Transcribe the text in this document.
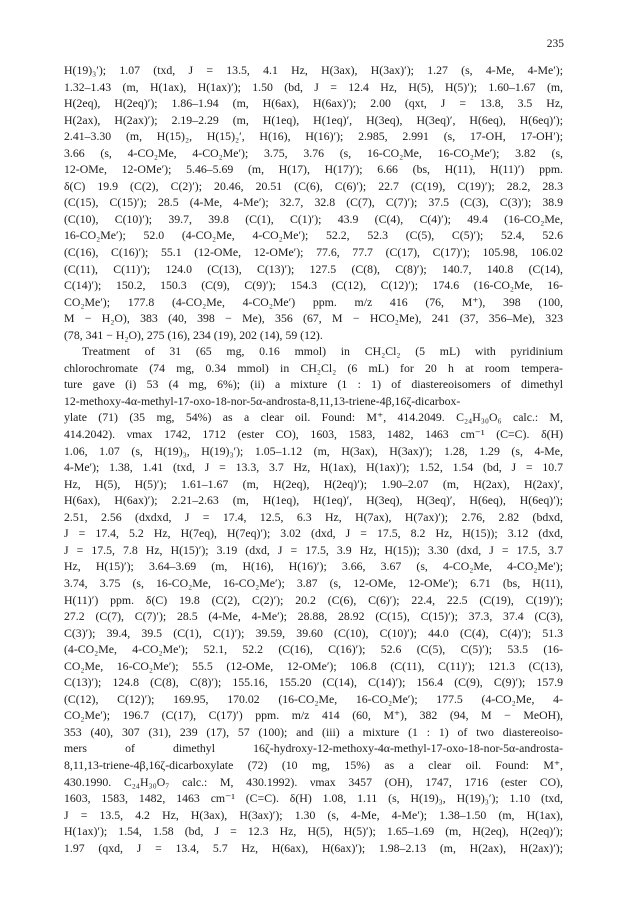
235
H(19)₃′); 1.07 (txd, J = 13.5, 4.1 Hz, H(3ax), H(3ax)′); 1.27 (s, 4-Me, 4-Me′);
1.32–1.43 (m, H(1ax), H(1ax)′); 1.50 (bd, J = 12.4 Hz, H(5), H(5)′); 1.60–1.67 (m,
H(2eq), H(2eq)′); 1.86–1.94 (m, H(6ax), H(6ax)′); 2.00 (qxt, J = 13.8, 3.5 Hz,
H(2ax), H(2ax)′); 2.19–2.29 (m, H(1eq), H(1eq)′, H(3eq), H(3eq)′, H(6eq), H(6eq)′);
2.41–3.30 (m, H(15)₂, H(15)₂′, H(16), H(16)′); 2.985, 2.991 (s, 17-OH, 17-OH′);
3.66 (s, 4-CO₂Me, 4-CO₂Me′); 3.75, 3.76 (s, 16-CO₂Me, 16-CO₂Me′); 3.82 (s,
12-OMe, 12-OMe′); 5.46–5.69 (m, H(17), H(17)′); 6.66 (bs, H(11), H(11)′) ppm.
δ(C) 19.9 (C(2), C(2)′); 20.46, 20.51 (C(6), C(6)′); 22.7 (C(19), C(19)′); 28.2, 28.3
(C(15), C(15)′); 28.5 (4-Me, 4-Me′); 32.7, 32.8 (C(7), C(7)′); 37.5 (C(3), C(3)′); 38.9
(C(10), C(10)′); 39.7, 39.8 (C(1), C(1)′); 43.9 (C(4), C(4)′); 49.4 (16-CO₂Me,
16-CO₂Me′); 52.0 (4-CO₂Me, 4-CO₂Me′); 52.2, 52.3 (C(5), C(5)′); 52.4, 52.6
(C(16), C(16)′); 55.1 (12-OMe, 12-OMe′); 77.6, 77.7 (C(17), C(17)′); 105.98, 106.02
(C(11), C(11)′); 124.0 (C(13), C(13)′); 127.5 (C(8), C(8)′); 140.7, 140.8 (C(14),
C(14)′); 150.2, 150.3 (C(9), C(9)′); 154.3 (C(12), C(12)′); 174.6 (16-CO₂Me, 16-
CO₂Me′); 177.8 (4-CO₂Me, 4-CO₂Me′) ppm. m/z 416 (76, M⁺), 398 (100,
M − H₂O), 383 (40, 398 − Me), 356 (67, M − HCO₂Me), 241 (37, 356–Me), 323
(78, 341 − H₂O), 275 (16), 234 (19), 202 (14), 59 (12).
Treatment of 31 (65 mg, 0.16 mmol) in CH₂Cl₂ (5 mL) with pyridinium
chlorochromate (74 mg, 0.34 mmol) in CH₂Cl₂ (6 mL) for 20 h at room tempera-
ture gave (i) 53 (4 mg, 6%); (ii) a mixture (1 : 1) of diastereoisomers of dimethyl
12-methoxy-4α-methyl-17-oxo-18-nor-5α-androsta-8,11,13-triene-4β,16ζ-dicarbox-
ylate (71) (35 mg, 54%) as a clear oil. Found: M⁺, 414.2049. C₂₄H₃₀O₆ calc.: M,
414.2042). νmax 1742, 1712 (ester CO), 1603, 1583, 1482, 1463 cm⁻¹ (C=C). δ(H)
1.06, 1.07 (s, H(19)₃, H(19)₃′); 1.05–1.12 (m, H(3ax), H(3ax)′); 1.28, 1.29 (s, 4-Me,
4-Me′); 1.38, 1.41 (txd, J = 13.3, 3.7 Hz, H(1ax), H(1ax)′); 1.52, 1.54 (bd, J = 10.7
Hz, H(5), H(5)′); 1.61–1.67 (m, H(2eq), H(2eq)′); 1.90–2.07 (m, H(2ax), H(2ax)′,
H(6ax), H(6ax)′); 2.21–2.63 (m, H(1eq), H(1eq)′, H(3eq), H(3eq)′, H(6eq), H(6eq)′);
2.51, 2.56 (dxdxd, J = 17.4, 12.5, 6.3 Hz, H(7ax), H(7ax)′); 2.76, 2.82 (bdxd,
J = 17.4, 5.2 Hz, H(7eq), H(7eq)′); 3.02 (dxd, J = 17.5, 8.2 Hz, H(15)); 3.12 (dxd,
J = 17.5, 7.8 Hz, H(15)′); 3.19 (dxd, J = 17.5, 3.9 Hz, H(15)); 3.30 (dxd, J = 17.5, 3.7
Hz, H(15)′); 3.64–3.69 (m, H(16), H(16)′); 3.66, 3.67 (s, 4-CO₂Me, 4-CO₂Me′);
3.74, 3.75 (s, 16-CO₂Me, 16-CO₂Me′); 3.87 (s, 12-OMe, 12-OMe′); 6.71 (bs, H(11),
H(11)′) ppm. δ(C) 19.8 (C(2), C(2)′); 20.2 (C(6), C(6)′); 22.4, 22.5 (C(19), C(19)′);
27.2 (C(7), C(7)′); 28.5 (4-Me, 4-Me′); 28.88, 28.92 (C(15), C(15)′); 37.3, 37.4 (C(3),
C(3)′); 39.4, 39.5 (C(1), C(1)′); 39.59, 39.60 (C(10), C(10)′); 44.0 (C(4), C(4)′); 51.3
(4-CO₂Me, 4-CO₂Me′); 52.1, 52.2 (C(16), C(16)′); 52.6 (C(5), C(5)′); 53.5 (16-
CO₂Me, 16-CO₂Me′); 55.5 (12-OMe, 12-OMe′); 106.8 (C(11), C(11)′); 121.3 (C(13),
C(13)′); 124.8 (C(8), C(8)′); 155.16, 155.20 (C(14), C(14)′); 156.4 (C(9), C(9)′); 157.9
(C(12), C(12)′); 169.95, 170.02 (16-CO₂Me, 16-CO₂Me′); 177.5 (4-CO₂Me, 4-
CO₂Me′); 196.7 (C(17), C(17)′) ppm. m/z 414 (60, M⁺), 382 (94, M − MeOH),
353 (40), 307 (31), 239 (17), 57 (100); and (iii) a mixture (1 : 1) of two diastereoiso-
mers of dimethyl 16ζ-hydroxy-12-methoxy-4α-methyl-17-oxo-18-nor-5α-androsta-
8,11,13-triene-4β,16ζ-dicarboxylate (72) (10 mg, 15%) as a clear oil. Found: M⁺,
430.1990. C₂₄H₃₀O₇ calc.: M, 430.1992). νmax 3457 (OH), 1747, 1716 (ester CO),
1603, 1583, 1482, 1463 cm⁻¹ (C=C). δ(H) 1.08, 1.11 (s, H(19)₃, H(19)₃′); 1.10 (txd,
J = 13.5, 4.2 Hz, H(3ax), H(3ax)′); 1.30 (s, 4-Me, 4-Me′); 1.38–1.50 (m, H(1ax),
H(1ax)′); 1.54, 1.58 (bd, J = 12.3 Hz, H(5), H(5)′); 1.65–1.69 (m, H(2eq), H(2eq)′);
1.97 (qxd, J = 13.4, 5.7 Hz, H(6ax), H(6ax)′); 1.98–2.13 (m, H(2ax), H(2ax)′);
